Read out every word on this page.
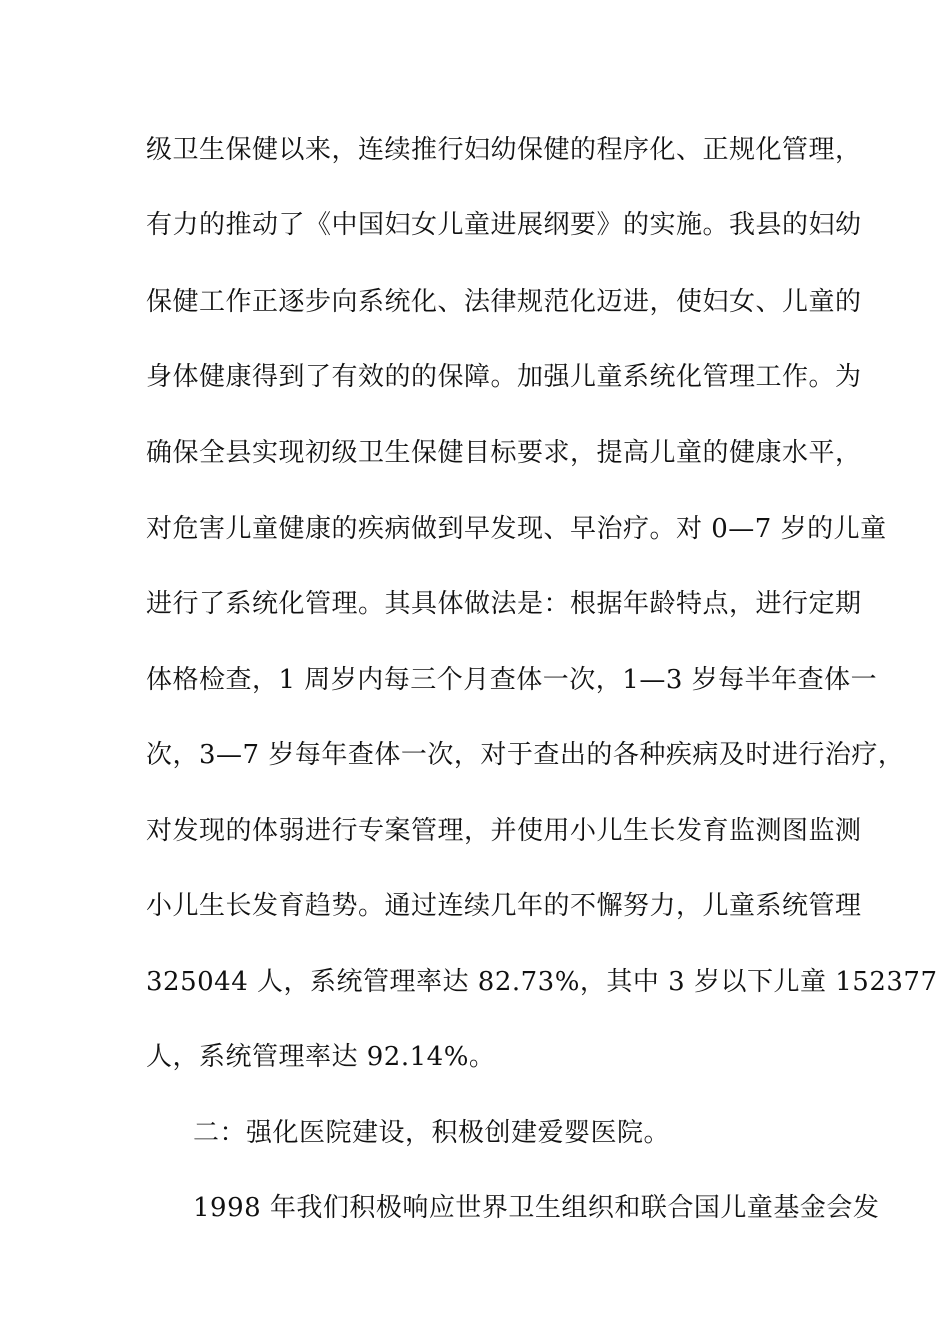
级卫生保健以来，连续推行妇幼保健的程序化、正规化管理，
有力的推动了《中国妇女儿童进展纲要》的实施。我县的妇幼
保健工作正逐步向系统化、法律规范化迈进，使妇女、儿童的
身体健康得到了有效的的保障。加强儿童系统化管理工作。为
确保全县实现初级卫生保健目标要求，提高儿童的健康水平，
对危害儿童健康的疾病做到早发现、早治疗。对 0—7 岁的儿童
进行了系统化管理。其具体做法是：根据年龄特点，进行定期
体格检查，1 周岁内每三个月查体一次，1—3 岁每半年查体一
次，3—7 岁每年查体一次，对于查出的各种疾病及时进行治疗，
对发现的体弱进行专案管理，并使用小儿生长发育监测图监测
小儿生长发育趋势。通过连续几年的不懈努力，儿童系统管理
325044 人，系统管理率达 82.73%，其中 3 岁以下儿童 152377
人，系统管理率达 92.14%。
二：强化医院建设，积极创建爱婴医院。
1998 年我们积极响应世界卫生组织和联合国儿童基金会发
